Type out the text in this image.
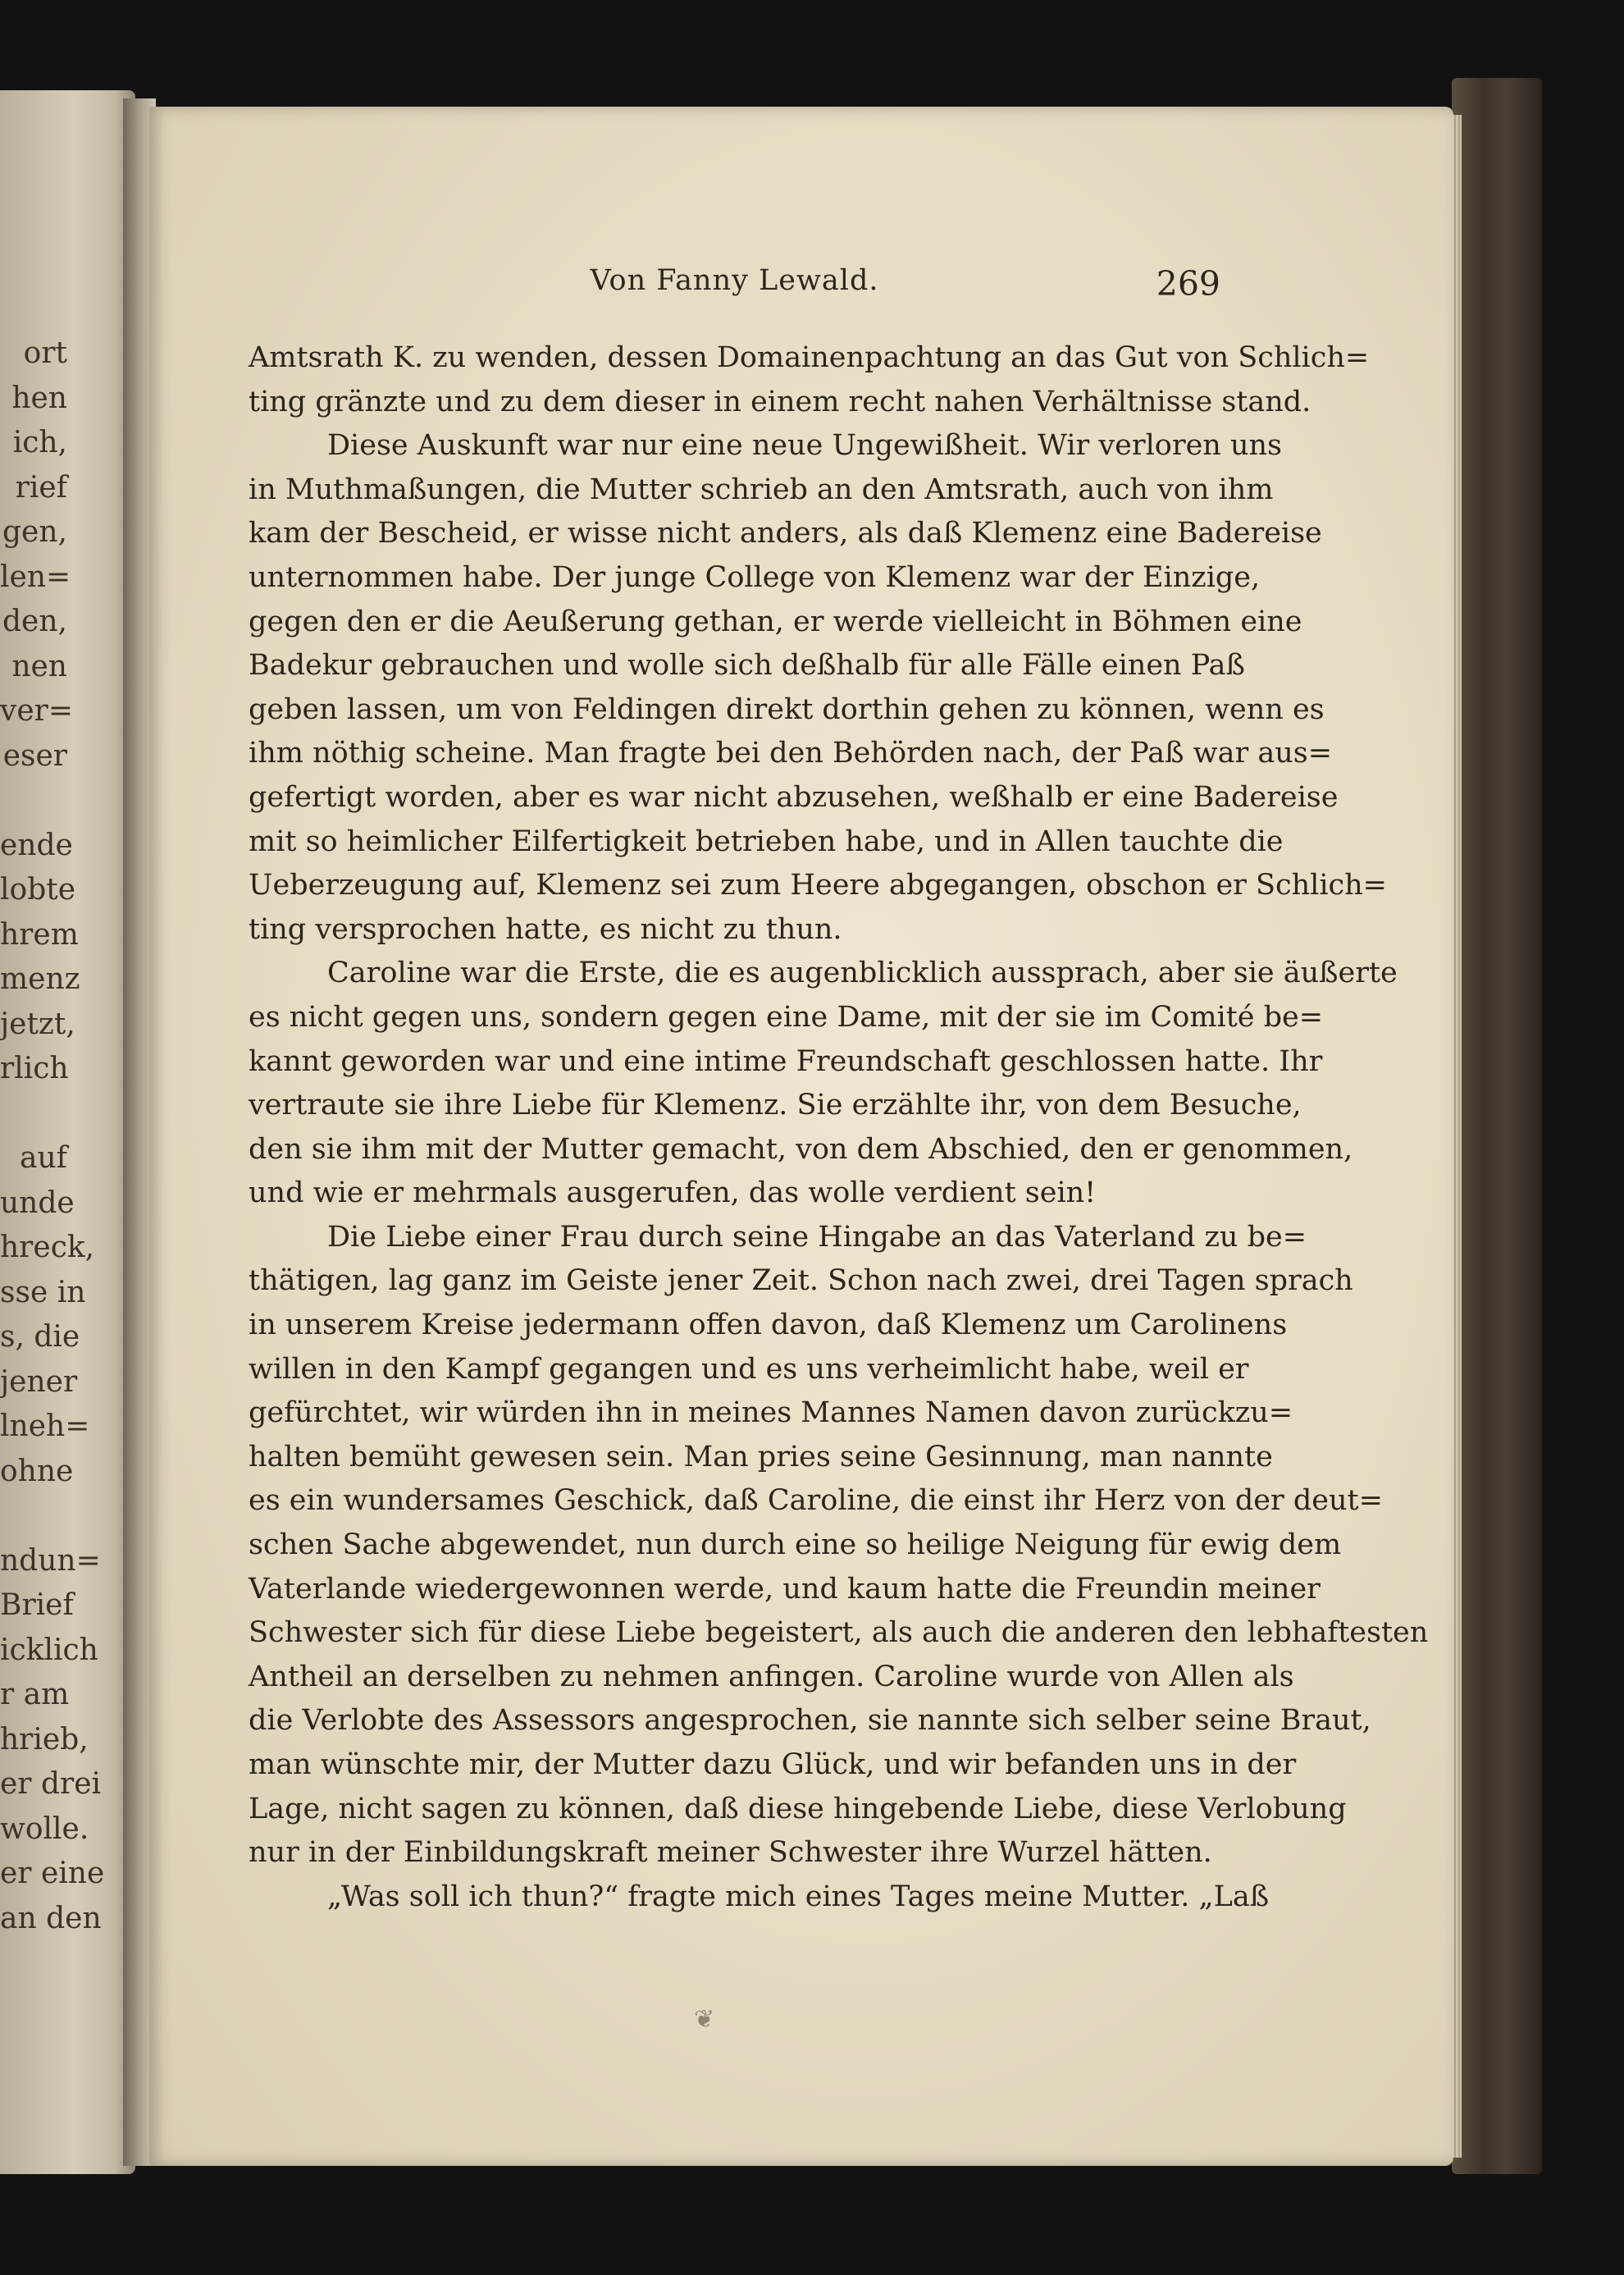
ort
hen
ich,
rief
gen,
len=
den,
nen
ver=
eser
ende
lobte
hrem
menz
jetzt,
rlich
auf
unde
hreck,
sse in
s, die
jener
lneh=
ohne
ndun=
Brief
icklich
r am
hrieb,
er drei
wolle.
er eine
an den
Von Fanny Lewald.	269
Amtsrath K. zu wenden, dessen Domainenpachtung an das Gut von Schlich=
ting gränzte und zu dem dieser in einem recht nahen Verhältnisse stand.
Diese Auskunft war nur eine neue Ungewißheit. Wir verloren uns
in Muthmaßungen, die Mutter schrieb an den Amtsrath, auch von ihm
kam der Bescheid, er wisse nicht anders, als daß Klemenz eine Badereise
unternommen habe. Der junge College von Klemenz war der Einzige,
gegen den er die Aeußerung gethan, er werde vielleicht in Böhmen eine
Badekur gebrauchen und wolle sich deßhalb für alle Fälle einen Paß
geben lassen, um von Feldingen direkt dorthin gehen zu können, wenn es
ihm nöthig scheine. Man fragte bei den Behörden nach, der Paß war aus=
gefertigt worden, aber es war nicht abzusehen, weßhalb er eine Badereise
mit so heimlicher Eilfertigkeit betrieben habe, und in Allen tauchte die
Ueberzeugung auf, Klemenz sei zum Heere abgegangen, obschon er Schlich=
ting versprochen hatte, es nicht zu thun.
Caroline war die Erste, die es augenblicklich aussprach, aber sie äußerte
es nicht gegen uns, sondern gegen eine Dame, mit der sie im Comité be=
kannt geworden war und eine intime Freundschaft geschlossen hatte. Ihr
vertraute sie ihre Liebe für Klemenz. Sie erzählte ihr, von dem Besuche,
den sie ihm mit der Mutter gemacht, von dem Abschied, den er genommen,
und wie er mehrmals ausgerufen, das wolle verdient sein!
Die Liebe einer Frau durch seine Hingabe an das Vaterland zu be=
thätigen, lag ganz im Geiste jener Zeit. Schon nach zwei, drei Tagen sprach
in unserem Kreise jedermann offen davon, daß Klemenz um Carolinens
willen in den Kampf gegangen und es uns verheimlicht habe, weil er
gefürchtet, wir würden ihn in meines Mannes Namen davon zurückzu=
halten bemüht gewesen sein. Man pries seine Gesinnung, man nannte
es ein wundersames Geschick, daß Caroline, die einst ihr Herz von der deut=
schen Sache abgewendet, nun durch eine so heilige Neigung für ewig dem
Vaterlande wiedergewonnen werde, und kaum hatte die Freundin meiner
Schwester sich für diese Liebe begeistert, als auch die anderen den lebhaftesten
Antheil an derselben zu nehmen anfingen. Caroline wurde von Allen als
die Verlobte des Assessors angesprochen, sie nannte sich selber seine Braut,
man wünschte mir, der Mutter dazu Glück, und wir befanden uns in der
Lage, nicht sagen zu können, daß diese hingebende Liebe, diese Verlobung
nur in der Einbildungskraft meiner Schwester ihre Wurzel hätten.
„Was soll ich thun?“ fragte mich eines Tages meine Mutter. „Laß
❦
